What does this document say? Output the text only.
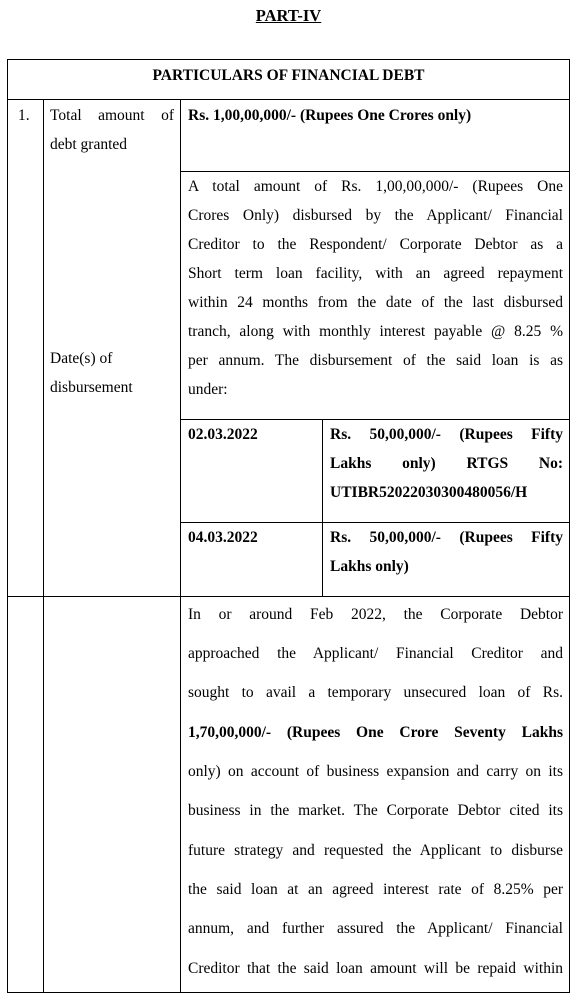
PART-IV
PARTICULARS OF FINANCIAL DEBT
1. Total amount of
debt granted
Date(s) of
disbursement
Rs. 1,00,00,000/- (Rupees One Crores only)
A total amount of Rs. 1,00,00,000/- (Rupees One
Crores Only) disbursed by the Applicant/ Financial
Creditor to the Respondent/ Corporate Debtor as a
Short term loan facility, with an agreed repayment
within 24 months from the date of the last disbursed
tranch, along with monthly interest payable @ 8.25 %
per annum. The disbursement of the said loan is as
under:
02.03.2022	Rs. 50,00,000/- (Rupees Fifty
Lakhs only) RTGS No:
UTIBR52022030300480056/H
04.03.2022	Rs. 50,00,000/- (Rupees Fifty
Lakhs only)
In or around Feb 2022, the Corporate Debtor
approached the Applicant/ Financial Creditor and
sought to avail a temporary unsecured loan of Rs.
1,70,00,000/- (Rupees One Crore Seventy Lakhs
only) on account of business expansion and carry on its
business in the market. The Corporate Debtor cited its
future strategy and requested the Applicant to disburse
the said loan at an agreed interest rate of 8.25% per
annum, and further assured the Applicant/ Financial
Creditor that the said loan amount will be repaid within
